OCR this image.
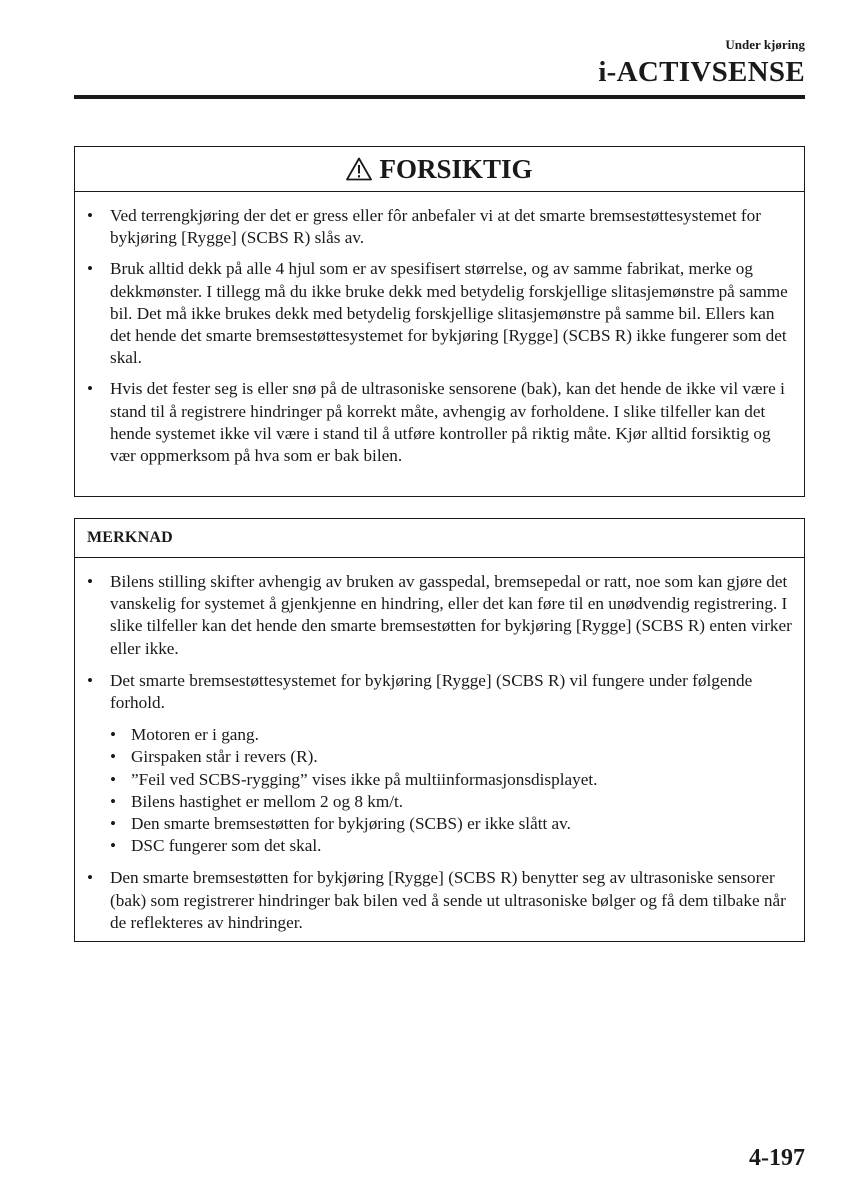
Under kjøring
i-ACTIVSENSE
FORSIKTIG
• Ved terrengkjøring der det er gress eller fôr anbefaler vi at det smarte bremsestøttesystemet for bykjøring [Rygge] (SCBS R) slås av.
• Bruk alltid dekk på alle 4 hjul som er av spesifisert størrelse, og av samme fabrikat, merke og dekkmønster. I tillegg må du ikke bruke dekk med betydelig forskjellige slitasjemønstre på samme bil. Det må ikke brukes dekk med betydelig forskjellige slitasjemønstre på samme bil. Ellers kan det hende det smarte bremsestøttesystemet for bykjøring [Rygge] (SCBS R) ikke fungerer som det skal.
• Hvis det fester seg is eller snø på de ultrasoniske sensorene (bak), kan det hende de ikke vil være i stand til å registrere hindringer på korrekt måte, avhengig av forholdene. I slike tilfeller kan det hende systemet ikke vil være i stand til å utføre kontroller på riktig måte. Kjør alltid forsiktig og vær oppmerksom på hva som er bak bilen.
MERKNAD
• Bilens stilling skifter avhengig av bruken av gasspedal, bremsepedal or ratt, noe som kan gjøre det vanskelig for systemet å gjenkjenne en hindring, eller det kan føre til en unødvendig registrering. I slike tilfeller kan det hende den smarte bremsestøtten for bykjøring [Rygge] (SCBS R) enten virker eller ikke.
• Det smarte bremsestøttesystemet for bykjøring [Rygge] (SCBS R) vil fungere under følgende forhold.
• Motoren er i gang.
• Girspaken står i revers (R).
• ”Feil ved SCBS-rygging” vises ikke på multiinformasjonsdisplayet.
• Bilens hastighet er mellom 2 og 8 km/t.
• Den smarte bremsestøtten for bykjøring (SCBS) er ikke slått av.
• DSC fungerer som det skal.
• Den smarte bremsestøtten for bykjøring [Rygge] (SCBS R) benytter seg av ultrasoniske sensorer (bak) som registrerer hindringer bak bilen ved å sende ut ultrasoniske bølger og få dem tilbake når de reflekteres av hindringer.
4-197
